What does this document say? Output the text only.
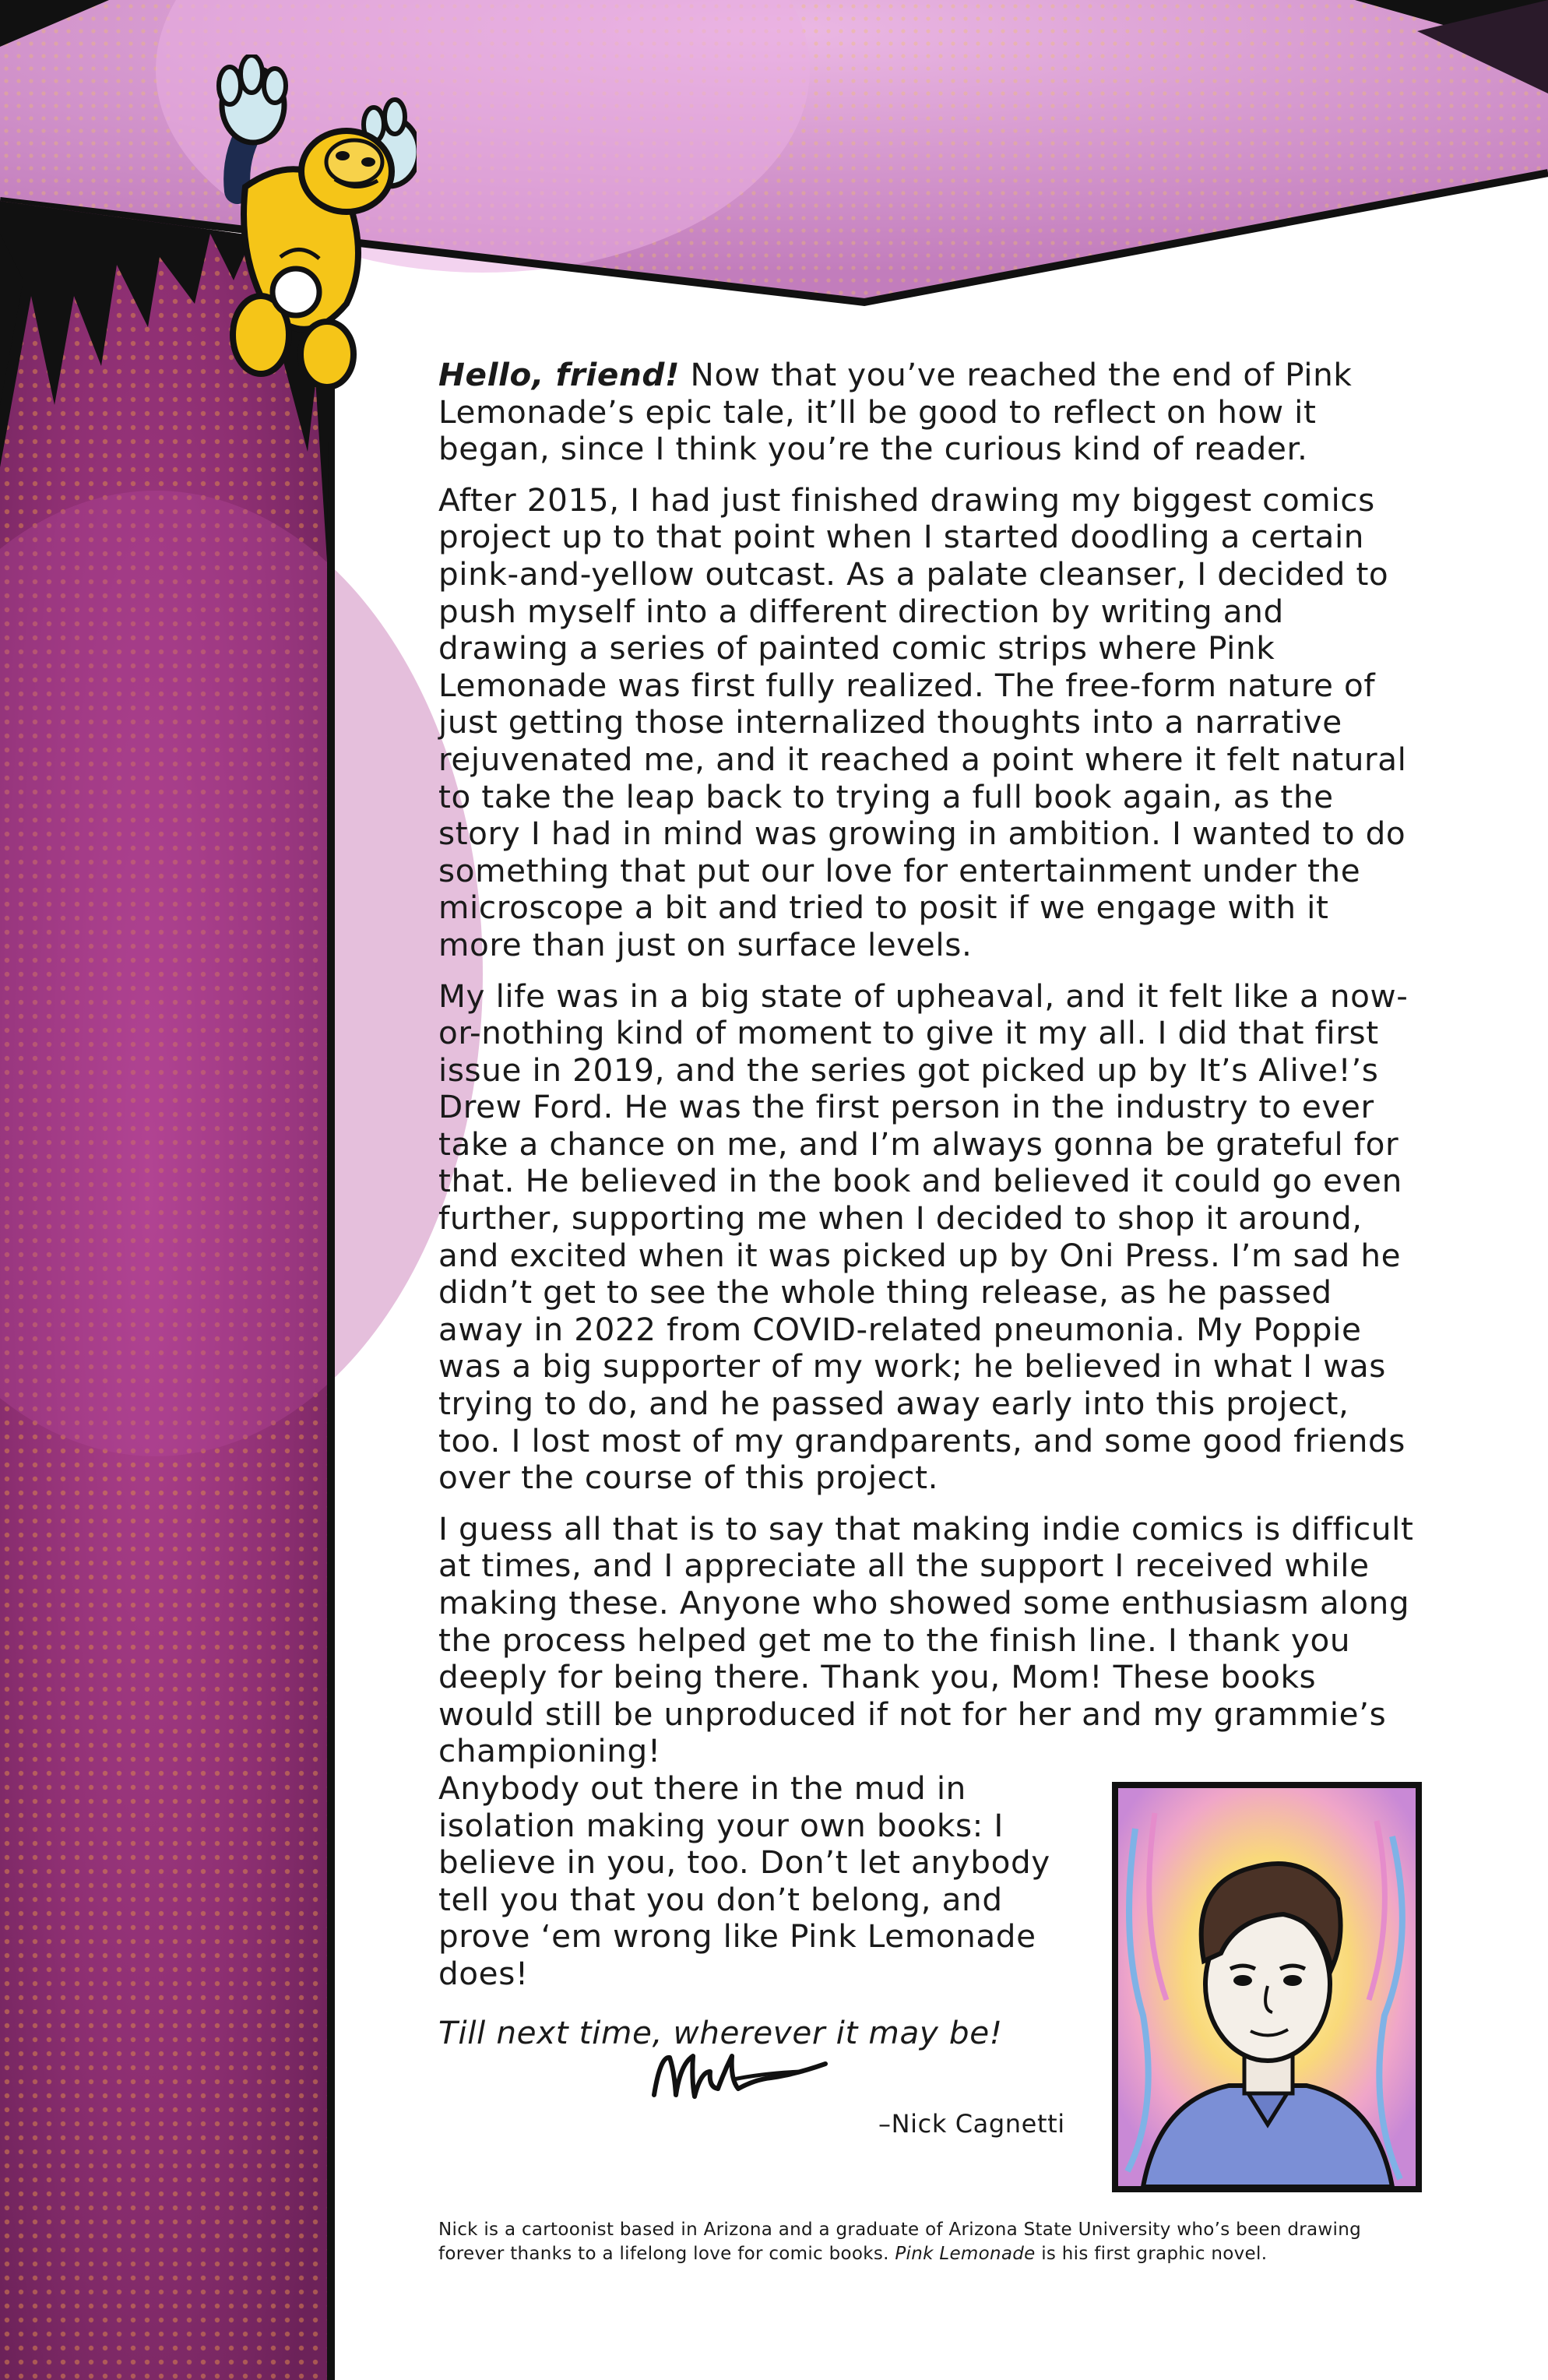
Hello, friend! Now that you’ve reached the end of Pink Lemonade’s epic tale, it’ll be good to reflect on how it began, since I think you’re the curious kind of reader.

After 2015, I had just finished drawing my biggest comics project up to that point when I started doodling a certain pink-and-yellow outcast. As a palate cleanser, I decided to push myself into a different direction by writing and drawing a series of painted comic strips where Pink Lemonade was first fully realized. The free-form nature of just getting those internalized thoughts into a narrative rejuvenated me, and it reached a point where it felt natural to take the leap back to trying a full book again, as the story I had in mind was growing in ambition. I wanted to do something that put our love for entertainment under the microscope a bit and tried to posit if we engage with it more than just on surface levels.

My life was in a big state of upheaval, and it felt like a now-or-nothing kind of moment to give it my all. I did that first issue in 2019, and the series got picked up by It’s Alive!’s Drew Ford. He was the first person in the industry to ever take a chance on me, and I’m always gonna be grateful for that. He believed in the book and believed it could go even further, supporting me when I decided to shop it around, and excited when it was picked up by Oni Press. I’m sad he didn’t get to see the whole thing release, as he passed away in 2022 from COVID-related pneumonia. My Poppie was a big supporter of my work; he believed in what I was trying to do, and he passed away early into this project, too. I lost most of my grandparents, and some good friends over the course of this project.

I guess all that is to say that making indie comics is difficult at times, and I appreciate all the support I received while making these. Anyone who showed some enthusiasm along the process helped get me to the finish line. I thank you deeply for being there. Thank you, Mom! These books would still be unproduced if not for her and my grammie’s championing!

Anybody out there in the mud in isolation making your own books: I believe in you, too. Don’t let anybody tell you that you don’t belong, and prove ‘em wrong like Pink Lemonade does!

Till next time, wherever it may be!

–Nick Cagnetti
Nick is a cartoonist based in Arizona and a graduate of Arizona State University who’s been drawing forever thanks to a lifelong love for comic books. Pink Lemonade is his first graphic novel.
